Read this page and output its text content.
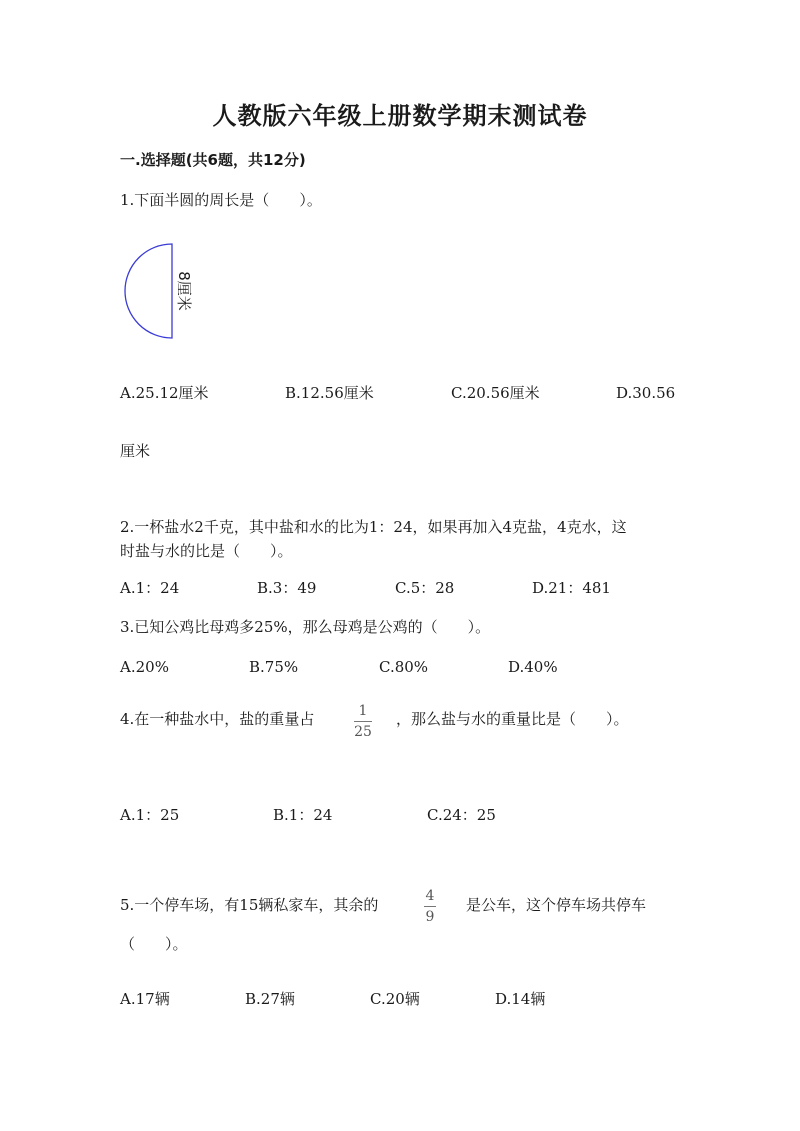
人教版六年级上册数学期末测试卷
一.选择题(共6题，共12分)
1.下面半圆的周长是（　　）。
8厘米
A.25.12厘米	B.12.56厘米	C.20.56厘米	D.30.56
厘米
2.一杯盐水2千克，其中盐和水的比为1：24，如果再加入4克盐，4克水，这
时盐与水的比是（　　）。
A.1：24	B.3：49	C.5：28	D.21：481
3.已知公鸡比母鸡多25%，那么母鸡是公鸡的（　　）。
A.20%	B.75%	C.80%	D.40%
4.在一种盐水中，盐的重量占	1
25
，那么盐与水的重量比是（　　）。
A.1：25	B.1：24	C.24：25
5.一个停车场，有15辆私家车，其余的	4
9
是公车，这个停车场共停车
（　　）。
A.17辆	B.27辆	C.20辆	D.14辆
